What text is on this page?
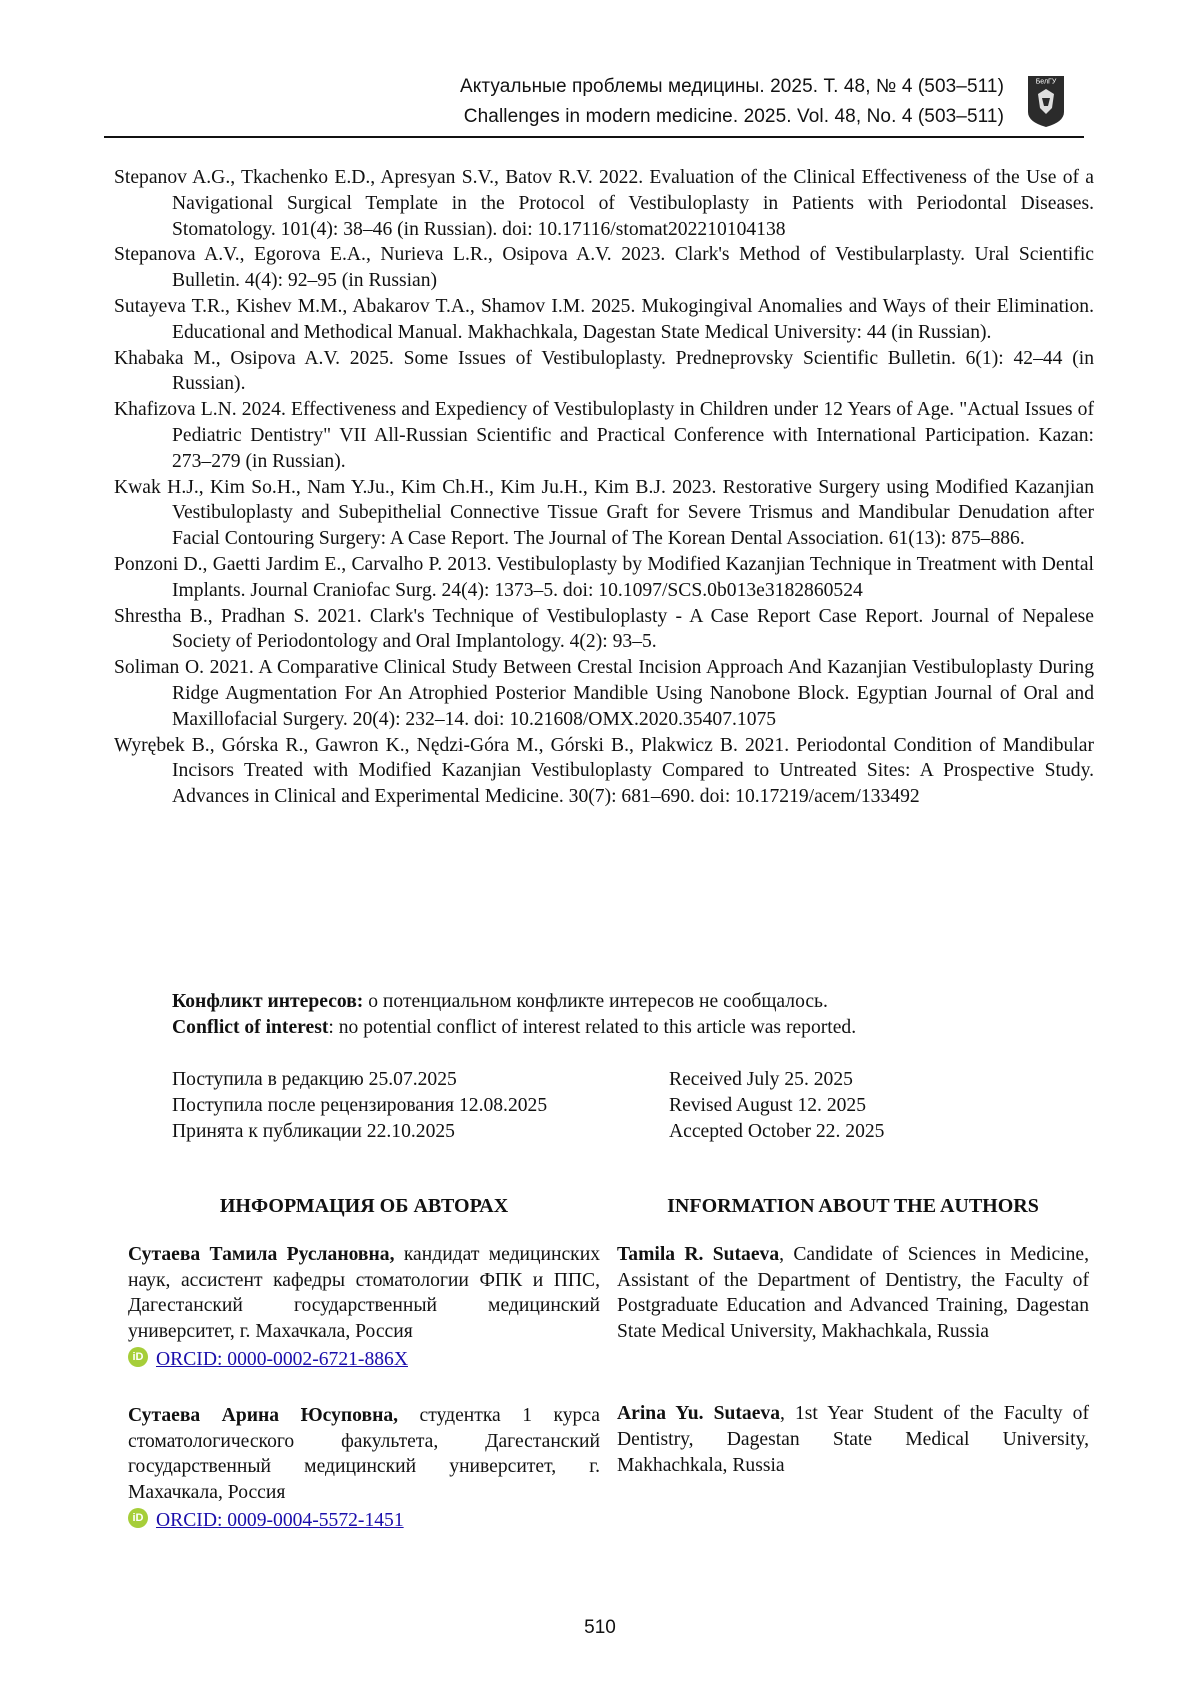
Актуальные проблемы медицины. 2025. Т. 48, № 4 (503–511)
Challenges in modern medicine. 2025. Vol. 48, No. 4 (503–511)
БелГУ

Stepanov A.G., Tkachenko E.D., Apresyan S.V., Batov R.V. 2022. Evaluation of the Clinical Effectiveness of the Use of a Navigational Surgical Template in the Protocol of Vestibuloplasty in Patients with Periodontal Diseases. Stomatology. 101(4): 38–46 (in Russian). doi: 10.17116/stomat202210104138

Stepanova A.V., Egorova E.A., Nurieva L.R., Osipova A.V. 2023. Clark's Method of Vestibularplasty. Ural Scientific Bulletin. 4(4): 92–95 (in Russian)

Sutayeva T.R., Kishev M.M., Abakarov T.A., Shamov I.M. 2025. Mukogingival Anomalies and Ways of their Elimination. Educational and Methodical Manual. Makhachkala, Dagestan State Medical University: 44 (in Russian).

Khabaka M., Osipova A.V. 2025. Some Issues of Vestibuloplasty. Predneprovsky Scientific Bulletin. 6(1): 42–44 (in Russian).

Khafizova L.N. 2024. Effectiveness and Expediency of Vestibuloplasty in Children under 12 Years of Age. "Actual Issues of Pediatric Dentistry" VII All-Russian Scientific and Practical Conference with International Participation. Kazan: 273–279 (in Russian).

Kwak H.J., Kim So.H., Nam Y.Ju., Kim Ch.H., Kim Ju.H., Kim B.J. 2023. Restorative Surgery using Modified Kazanjian Vestibuloplasty and Subepithelial Connective Tissue Graft for Severe Trismus and Mandibular Denudation after Facial Contouring Surgery: A Case Report. The Journal of The Korean Dental Association. 61(13): 875–886.

Ponzoni D., Gaetti Jardim E., Carvalho P. 2013. Vestibuloplasty by Modified Kazanjian Technique in Treatment with Dental Implants. Journal Craniofac Surg. 24(4): 1373–5. doi: 10.1097/SCS.0b013e3182860524

Shrestha B., Pradhan S. 2021. Clark's Technique of Vestibuloplasty - A Case Report Case Report. Journal of Nepalese Society of Periodontology and Oral Implantology. 4(2): 93–5.

Soliman O. 2021. A Comparative Clinical Study Between Crestal Incision Approach And Kazanjian Vestibuloplasty During Ridge Augmentation For An Atrophied Posterior Mandible Using Nanobone Block. Egyptian Journal of Oral and Maxillofacial Surgery. 20(4): 232–14. doi: 10.21608/OMX.2020.35407.1075

Wyrębek B., Górska R., Gawron K., Nędzi-Góra M., Górski B., Plakwicz B. 2021. Periodontal Condition of Mandibular Incisors Treated with Modified Kazanjian Vestibuloplasty Compared to Untreated Sites: A Prospective Study. Advances in Clinical and Experimental Medicine. 30(7): 681–690. doi: 10.17219/acem/133492

Конфликт интересов: о потенциальном конфликте интересов не сообщалось.

Conflict of interest: no potential conflict of interest related to this article was reported.

Поступила в редакцию 25.07.2025

Поступила после рецензирования 12.08.2025

Принята к публикации 22.10.2025

Received July 25. 2025

Revised August 12. 2025

Accepted October 22. 2025

ИНФОРМАЦИЯ ОБ АВТОРАХ

Сутаева Тамила Руслановна, кандидат медицинских наук, ассистент кафедры стоматологии ФПК и ППС, Дагестанский государственный медицинский университет, г. Махачкала, Россия

iD ORCID: 0000-0002-6721-886X

Сутаева Арина Юсуповна, студентка 1 курса стоматологического факультета, Дагестанский государственный медицинский университет, г. Махачкала, Россия

iD ORCID: 0009-0004-5572-1451

INFORMATION ABOUT THE AUTHORS

Tamila R. Sutaeva, Candidate of Sciences in Medicine, Assistant of the Department of Dentistry, the Faculty of Postgraduate Education and Advanced Training, Dagestan State Medical University, Makhachkala, Russia

Arina Yu. Sutaeva, 1st Year Student of the Faculty of Dentistry, Dagestan State Medical University, Makhachkala, Russia

510
